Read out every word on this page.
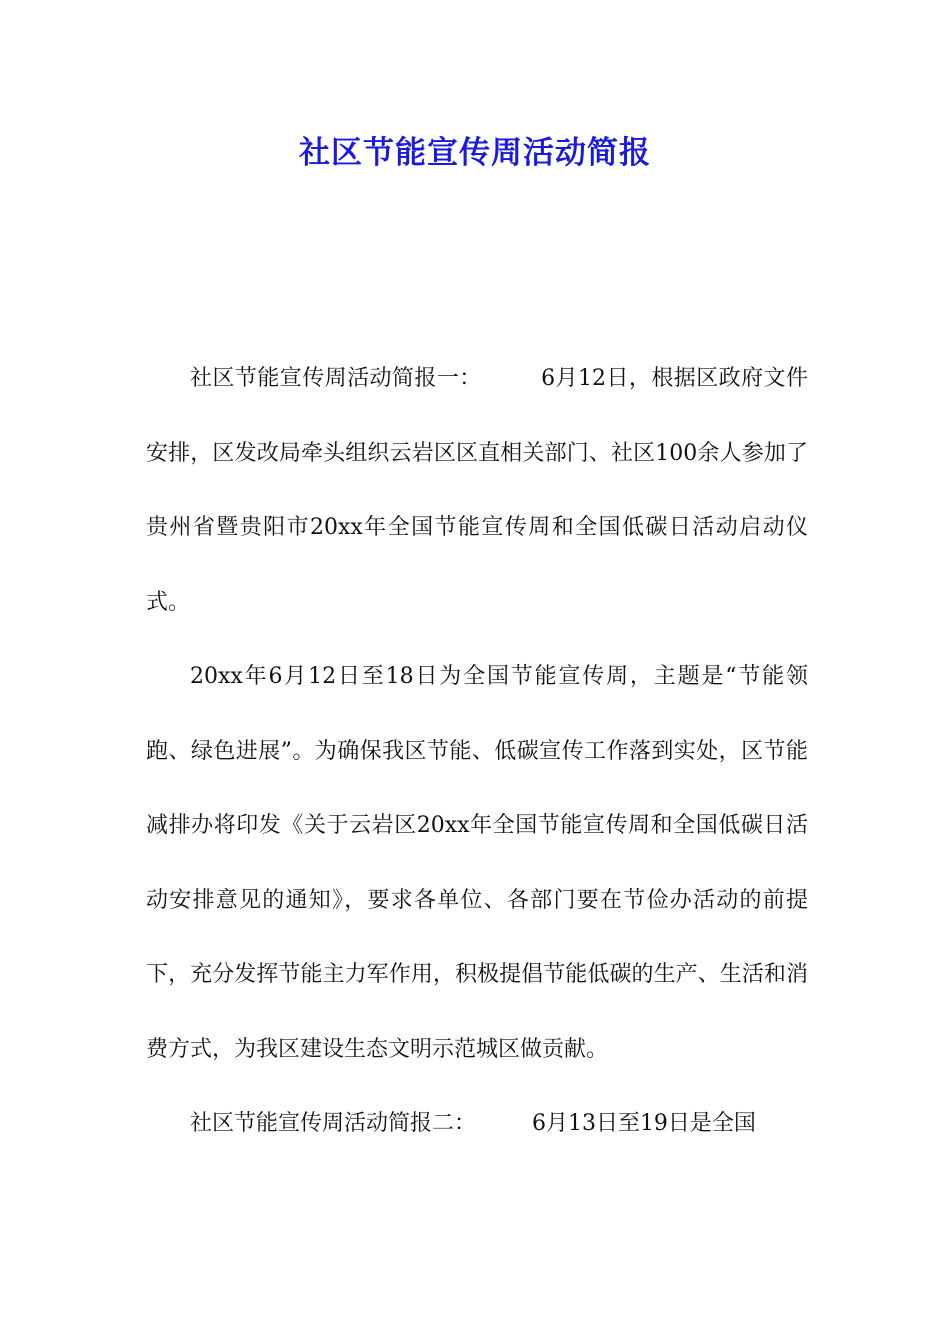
社区节能宣传周活动简报

社区节能宣传周活动简报一：        6月12日，根据区政府文件安排，区发改局牵头组织云岩区区直相关部门、社区100余人参加了贵州省暨贵阳市20xx年全国节能宣传周和全国低碳日活动启动仪式。

20xx年6月12日至18日为全国节能宣传周，主题是“节能领跑、绿色进展”。为确保我区节能、低碳宣传工作落到实处，区节能减排办将印发《关于云岩区20xx年全国节能宣传周和全国低碳日活动安排意见的通知》，要求各单位、各部门要在节俭办活动的前提下，充分发挥节能主力军作用，积极提倡节能低碳的生产、生活和消费方式，为我区建设生态文明示范城区做贡献。

社区节能宣传周活动简报二：        6月13日至19日是全国
